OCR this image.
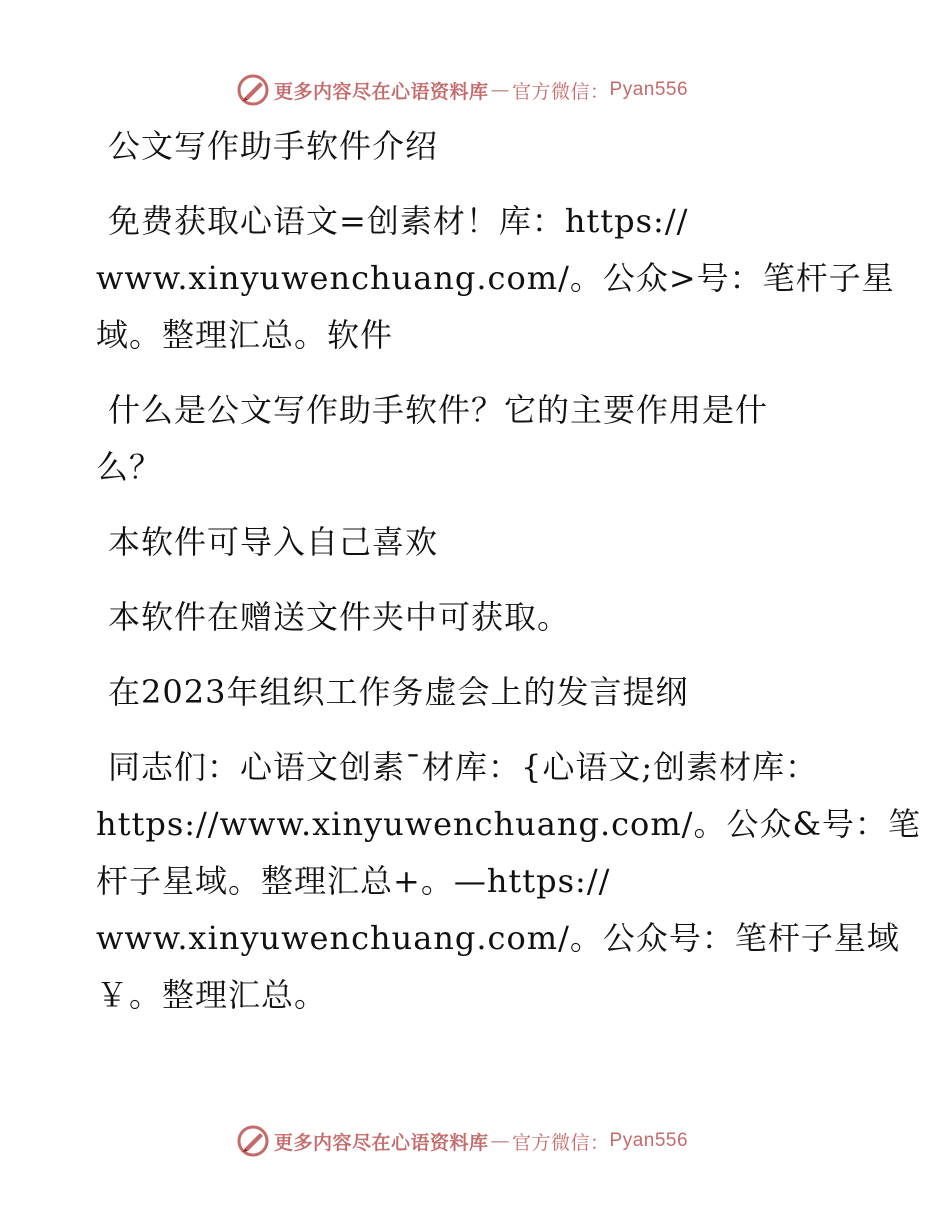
更多内容尽在心语资料库 — 官方微信： Pyan556
公文写作助手软件介绍
免费获取心语文=创素材！库：https://
www.xinyuwenchuang.com/。公众>号：笔杆子星
域。整理汇总。软件
什么是公文写作助手软件？它的主要作用是什
么？
本软件可导入自己喜欢
本软件在赠送文件夹中可获取。
在2023年组织工作务虚会上的发言提纲
同志们：心语文创素¯材库：{心语文;创素材库：
https://www.xinyuwenchuang.com/。公众&号：笔
杆子星域。整理汇总+。—https://
www.xinyuwenchuang.com/。公众号：笔杆子星域
￥。整理汇总。
更多内容尽在心语资料库 — 官方微信： Pyan556
